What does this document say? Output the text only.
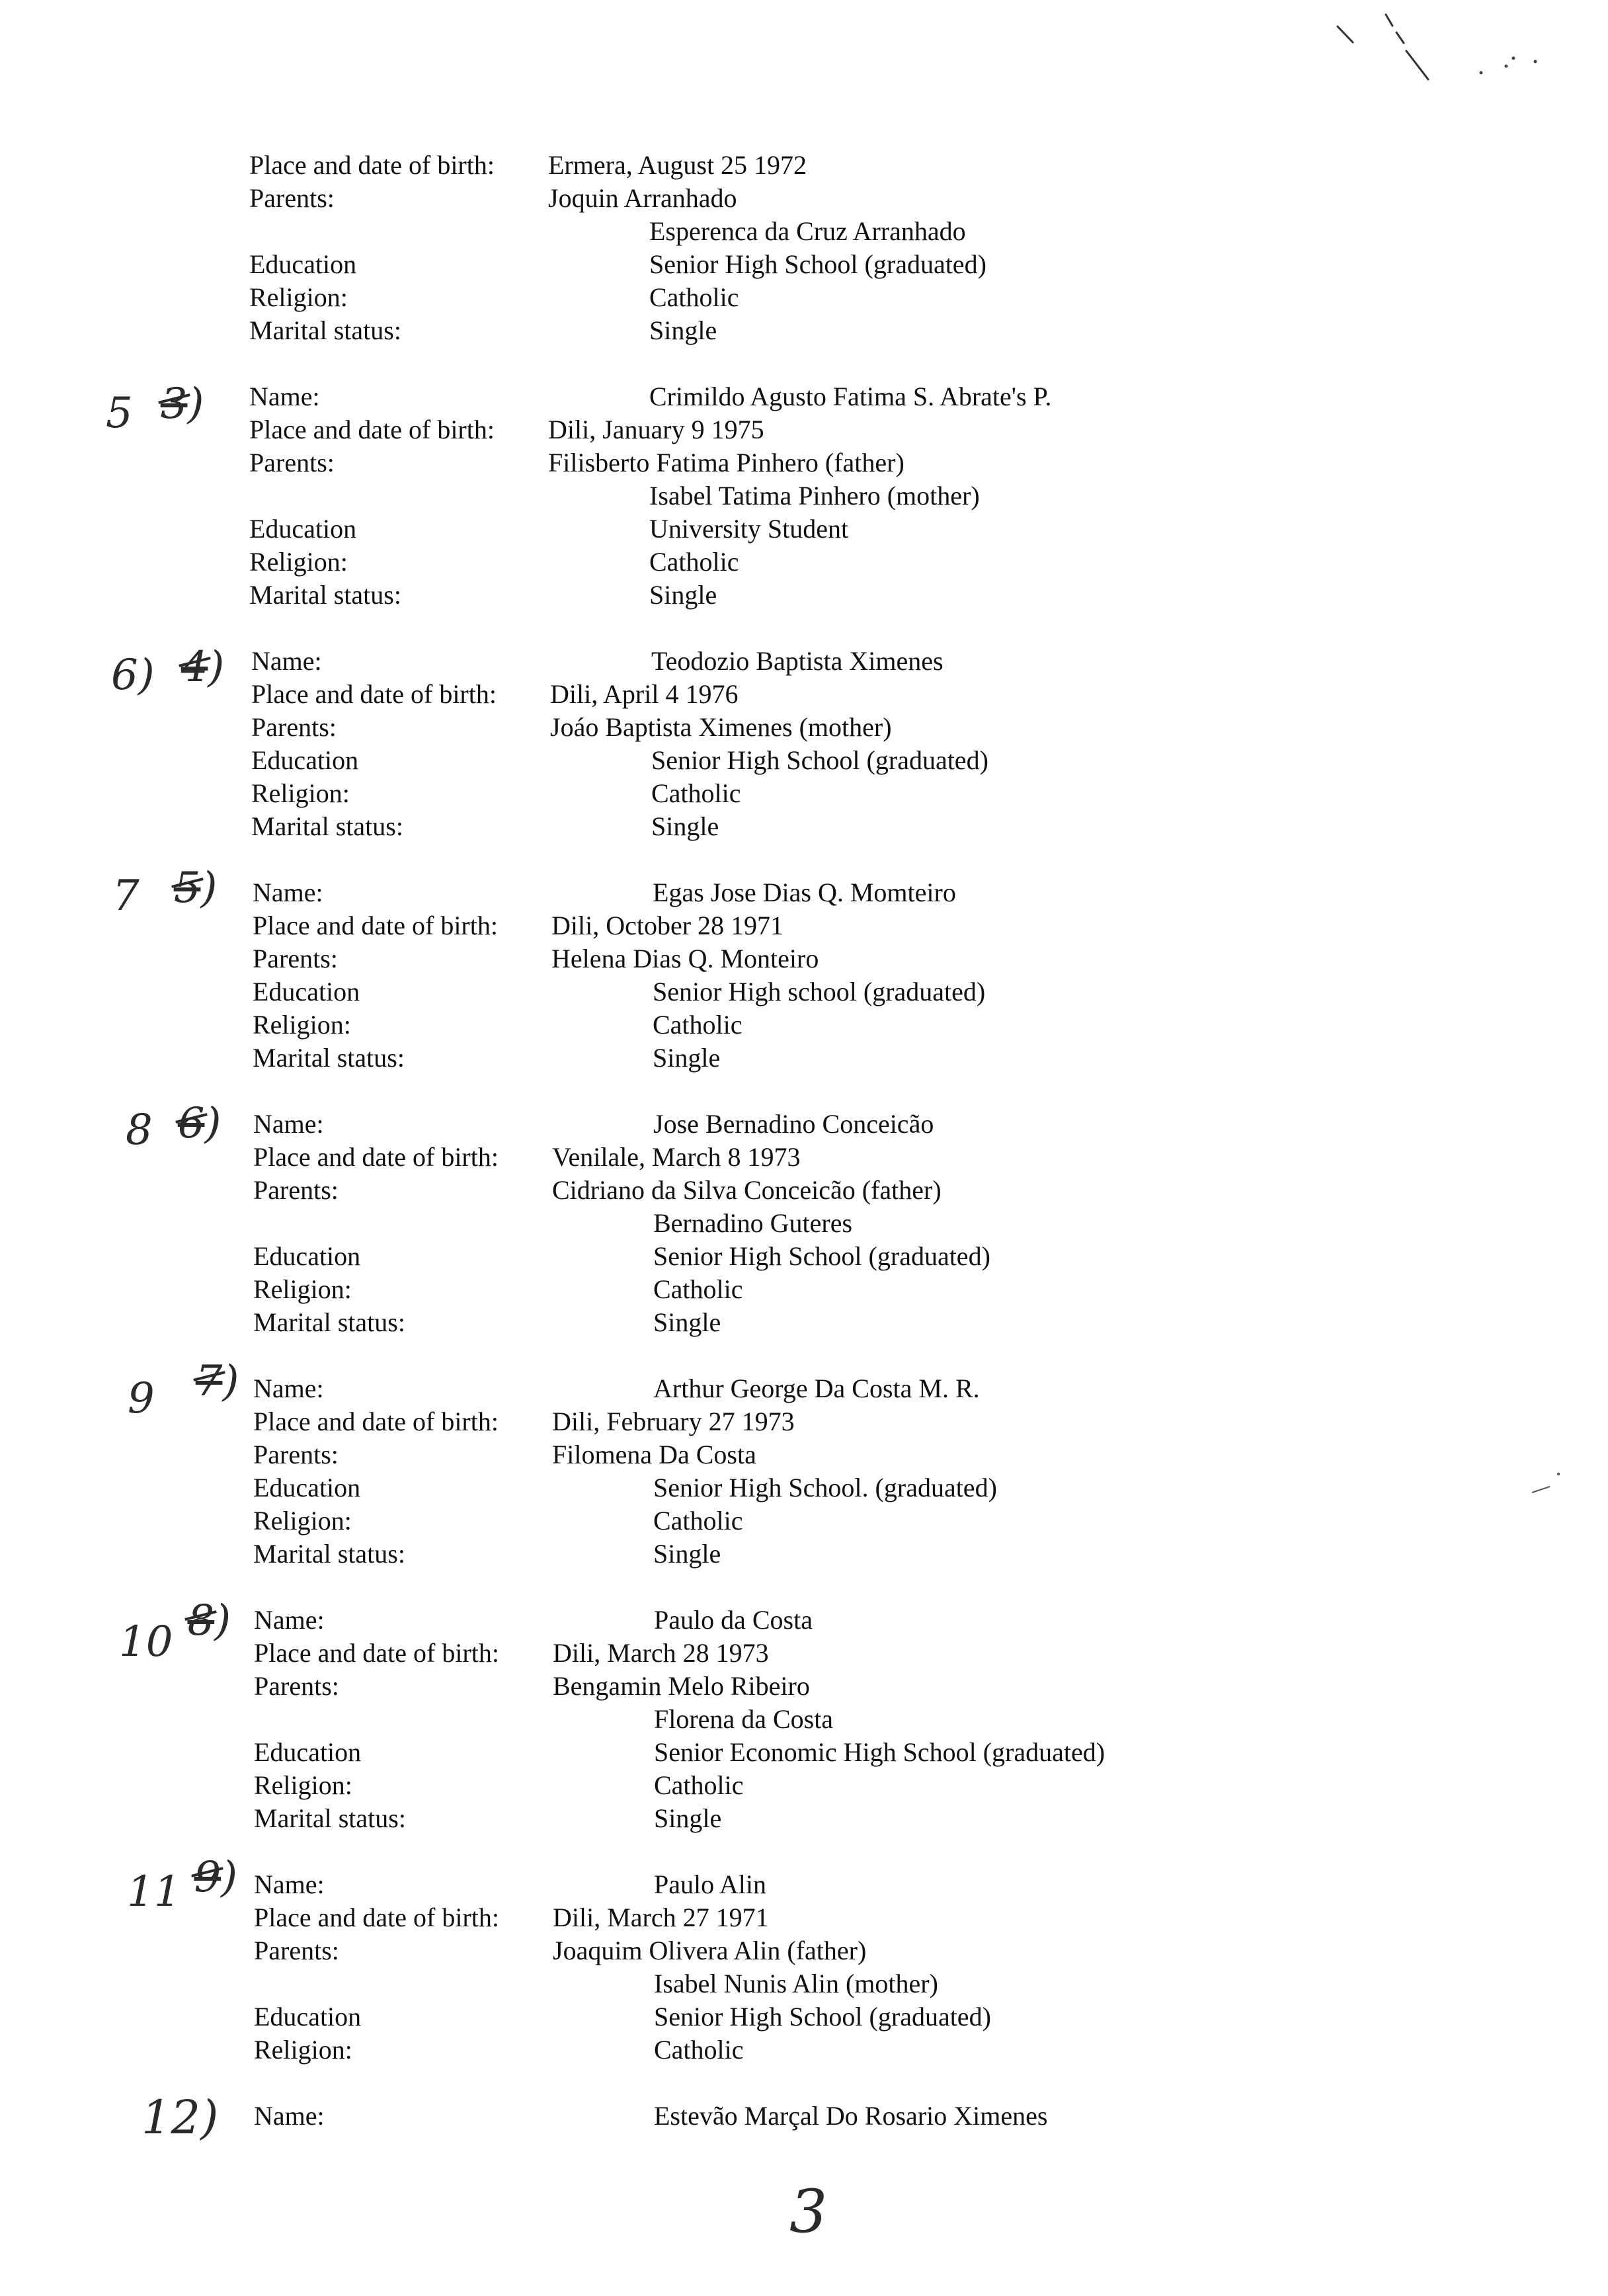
Place and date of birth: Ermera, August 25 1972
Parents:	Joquin Arranhado
Esperenca da Cruz Arranhado
Education	Senior High School (graduated)
Religion:	Catholic
Marital status:	Single
5 3 ) Name:	Crimildo Agusto Fatima S. Abrate's P.
Place and date of birth: Dili, January 9 1975
Parents:	Filisberto Fatima Pinhero (father)
Isabel Tatima Pinhero (mother)
Education	University Student
Religion:	Catholic
Marital status:	Single
6) 4 ) Name:	Teodozio Baptista Ximenes
Place and date of birth: Dili, April 4 1976
Parents:	Joáo Baptista Ximenes (mother)
Education	Senior High School (graduated)
Religion:	Catholic
Marital status:	Single
7 5 ) Name:	Egas Jose Dias Q. Momteiro
Place and date of birth: Dili, October 28 1971
Parents:	Helena Dias Q. Monteiro
Education	Senior High school (graduated)
Religion:	Catholic
Marital status:	Single
8 6 ) Name:	Jose Bernadino Conceicão
Place and date of birth: Venilale, March 8 1973
Parents:	Cidriano da Silva Conceicão (father)
Bernadino Guteres
Education	Senior High School (graduated)
Religion:	Catholic
Marital status:	Single
9 7 ) Name:	Arthur George Da Costa M. R.
Place and date of birth: Dili, February 27 1973
Parents:	Filomena Da Costa
Education	Senior High School. (graduated)
Religion:	Catholic
Marital status:	Single
10 8 ) Name:	Paulo da Costa
Place and date of birth: Dili, March 28 1973
Parents:	Bengamin Melo Ribeiro
Florena da Costa
Education	Senior Economic High School (graduated)
Religion:	Catholic
Marital status:	Single
11 9 ) Name:	Paulo Alin
Place and date of birth: Dili, March 27 1971
Parents:	Joaquim Olivera Alin (father)
Isabel Nunis Alin (mother)
Education	Senior High School (graduated)
Religion:	Catholic
12) Name:	Estevão Marçal Do Rosario Ximenes
3
